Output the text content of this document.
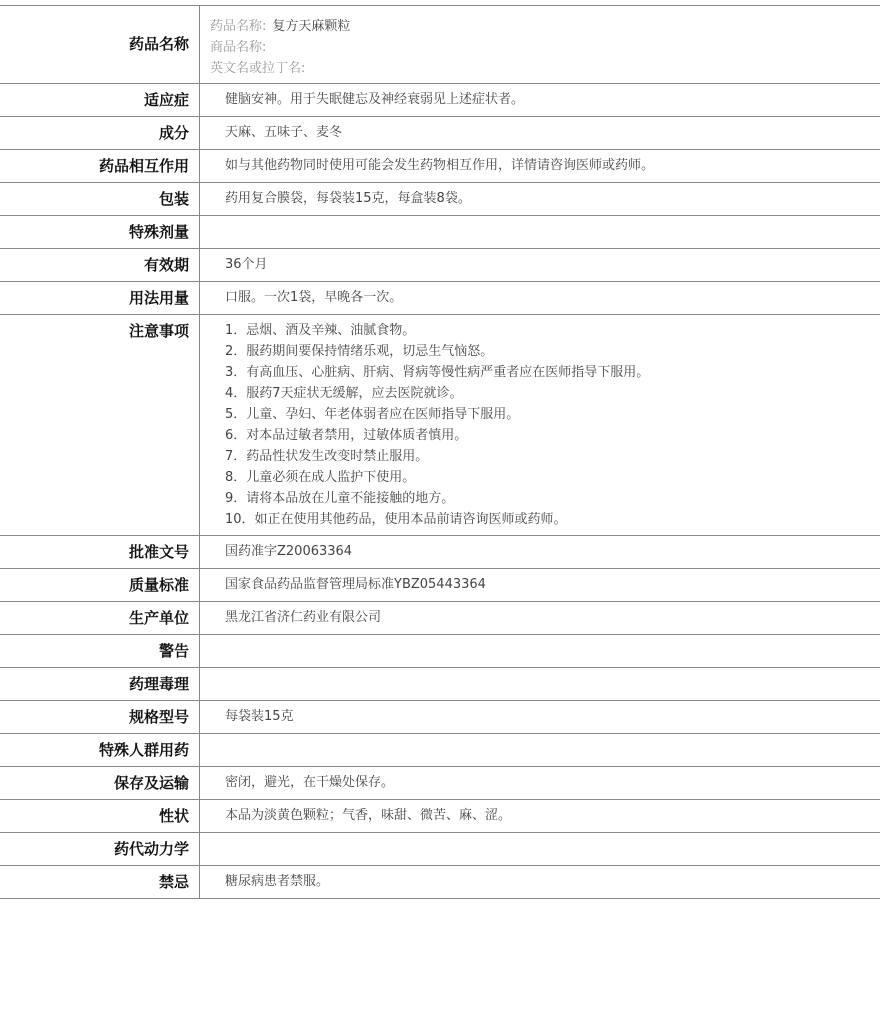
药品名称
药品名称: 复方天麻颗粒
商品名称:
英文名或拉丁名:
适应症	健脑安神。用于失眠健忘及神经衰弱见上述症状者。
成分	天麻、五味子、麦冬
药品相互作用	如与其他药物同时使用可能会发生药物相互作用，详情请咨询医师或药师。
包装	药用复合膜袋，每袋装15克，每盒装8袋。
特殊剂量
有效期	36个月
用法用量	口服。一次1袋，早晚各一次。
注意事项	1．忌烟、酒及辛辣、油腻食物。
2．服药期间要保持情绪乐观，切忌生气恼怒。
3．有高血压、心脏病、肝病、肾病等慢性病严重者应在医师指导下服用。
4．服药7天症状无缓解，应去医院就诊。
5．儿童、孕妇、年老体弱者应在医师指导下服用。
6．对本品过敏者禁用，过敏体质者慎用。
7．药品性状发生改变时禁止服用。
8．儿童必须在成人监护下使用。
9．请将本品放在儿童不能接触的地方。
10．如正在使用其他药品，使用本品前请咨询医师或药师。
批准文号	国药准字Z20063364
质量标准	国家食品药品监督管理局标准YBZ05443364
生产单位	黑龙江省济仁药业有限公司
警告
药理毒理
规格型号	每袋装15克
特殊人群用药
保存及运输	密闭，避光，在干燥处保存。
性状	本品为淡黄色颗粒；气香，味甜、微苦、麻、涩。
药代动力学
禁忌	糖尿病患者禁服。
